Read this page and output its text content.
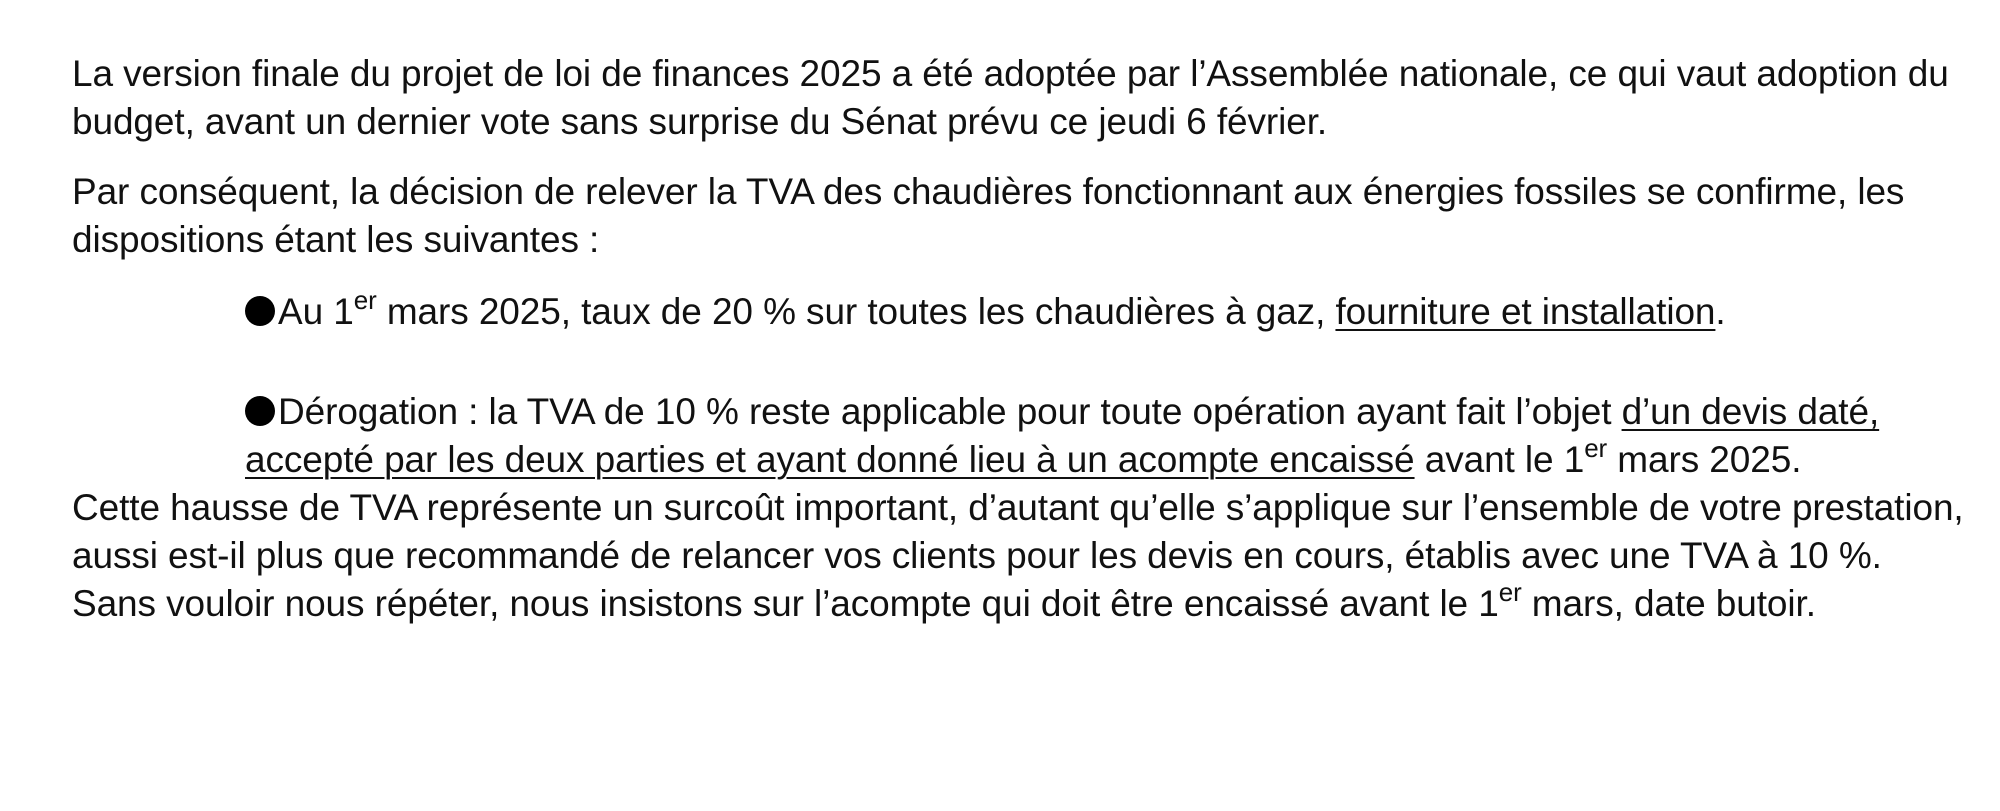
La version finale du projet de loi de finances 2025 a été adoptée par l’Assemblée nationale, ce qui vaut adoption du budget, avant un dernier vote sans surprise du Sénat prévu ce jeudi 6 février.

Par conséquent, la décision de relever la TVA des chaudières fonctionnant aux énergies fossiles se confirme, les dispositions étant les suivantes :

Au 1er mars 2025, taux de 20 % sur toutes les chaudières à gaz, fourniture et installation.

Dérogation : la TVA de 10 % reste applicable pour toute opération ayant fait l’objet d’un devis daté, accepté par les deux parties et ayant donné lieu à un acompte encaissé avant le 1er mars 2025.

Cette hausse de TVA représente un surcoût important, d’autant qu’elle s’applique sur l’ensemble de votre prestation, aussi est-il plus que recommandé de relancer vos clients pour les devis en cours, établis avec une TVA à 10 %. Sans vouloir nous répéter, nous insistons sur l’acompte qui doit être encaissé avant le 1er mars, date butoir.
